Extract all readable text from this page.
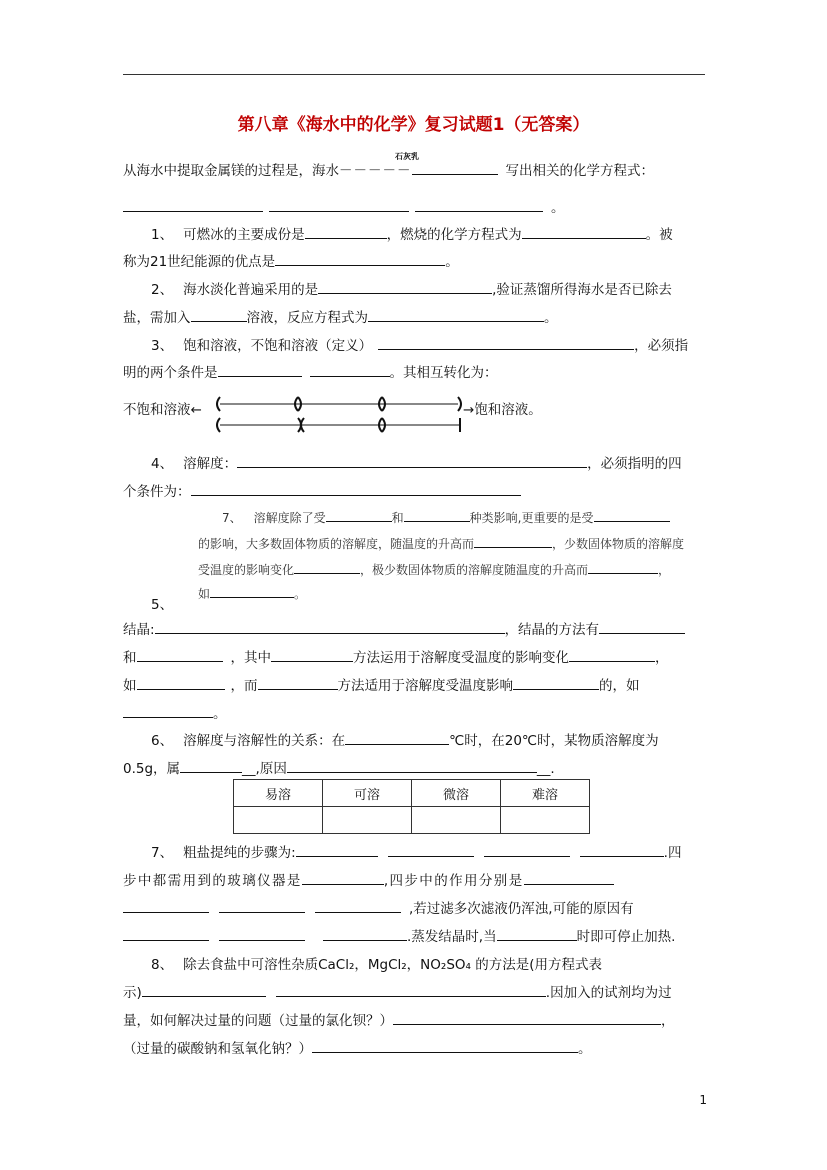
第八章《海水中的化学》复习试题1（无答案）
石灰乳
从海水中提取金属镁的过程是，海水－－－－－	写出相关的化学方程式：
。
1、 可燃冰的主要成份是	，燃烧的化学方程式为	。被
称为21世纪能源的优点是	。
2、 海水淡化普遍采用的是	,验证蒸馏所得海水是否已除去
盐，需加入	溶液，反应方程式为	。
3、 饱和溶液，不饱和溶液（定义）	，必须指
明的两个条件是	。其相互转化为：
不饱和溶液←	→饱和溶液。
4、 溶解度：	，必须指明的四
个条件为：
7、 溶解度除了受	和	种类影响,更重要的是受
的影响，大多数固体物质的溶解度，随温度的升高而	，少数固体物质的溶解度
受温度的影响变化	，极少数固体物质的溶解度随温度的升高而	，
如	。
5、
结晶:	，结晶的方法有
和	，其中	方法运用于溶解度受温度的影响变化	，
如	，而	方法适用于溶解度受温度影响	的，如
。
6、 溶解度与溶解性的关系：在	℃时，在20℃时，某物质溶解度为
0.5g，属	__,原因	__.
易溶	可溶	微溶	难溶

7、 粗盐提纯的步骤为:	.四
步中都需用到的玻璃仪器是	,四步中的作用分别是
,若过滤多次滤液仍浑浊,可能的原因有
.蒸发结晶时,当	时即可停止加热.
8、 除去食盐中可溶性杂质CaCl₂，MgCl₂，NO₂SO₄ 的方法是(用方程式表
示)	.因加入的试剂均为过
量，如何解决过量的问题（过量的氯化钡？）	，
（过量的碳酸钠和氢氧化钠？）	。
1
